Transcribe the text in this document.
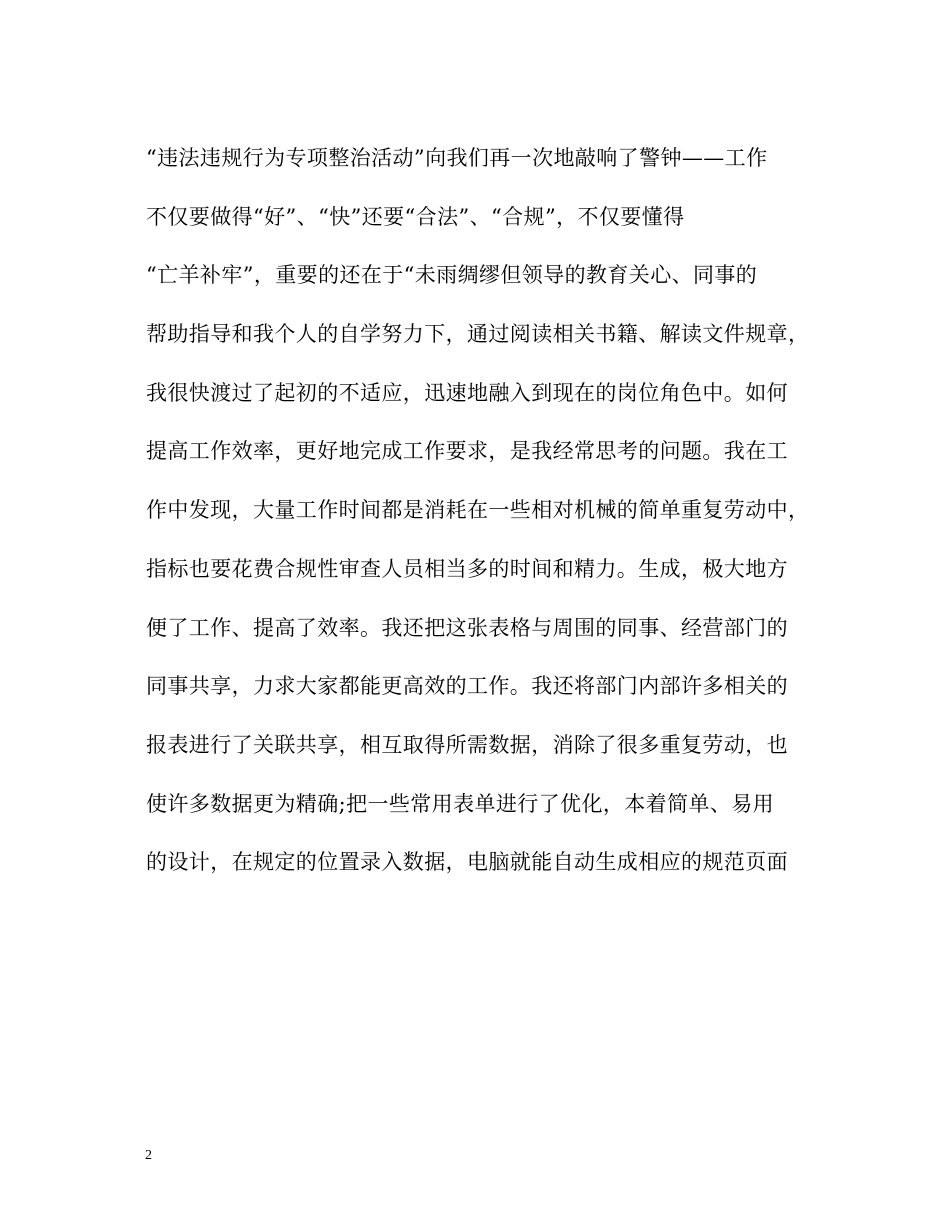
“违法违规行为专项整治活动”向我们再一次地敲响了警钟——工作
不仅要做得“好”、“快”还要“合法”、“合规”，不仅要懂得
“亡羊补牢”，重要的还在于“未雨绸缪但领导的教育关心、同事的
帮助指导和我个人的自学努力下，通过阅读相关书籍、解读文件规章，
我很快渡过了起初的不适应，迅速地融入到现在的岗位角色中。如何
提高工作效率，更好地完成工作要求，是我经常思考的问题。我在工
作中发现，大量工作时间都是消耗在一些相对机械的简单重复劳动中，
指标也要花费合规性审查人员相当多的时间和精力。生成，极大地方
便了工作、提高了效率。我还把这张表格与周围的同事、经营部门的
同事共享，力求大家都能更高效的工作。我还将部门内部许多相关的
报表进行了关联共享，相互取得所需数据，消除了很多重复劳动，也
使许多数据更为精确;把一些常用表单进行了优化，本着简单、易用
的设计，在规定的位置录入数据，电脑就能自动生成相应的规范页面
2
